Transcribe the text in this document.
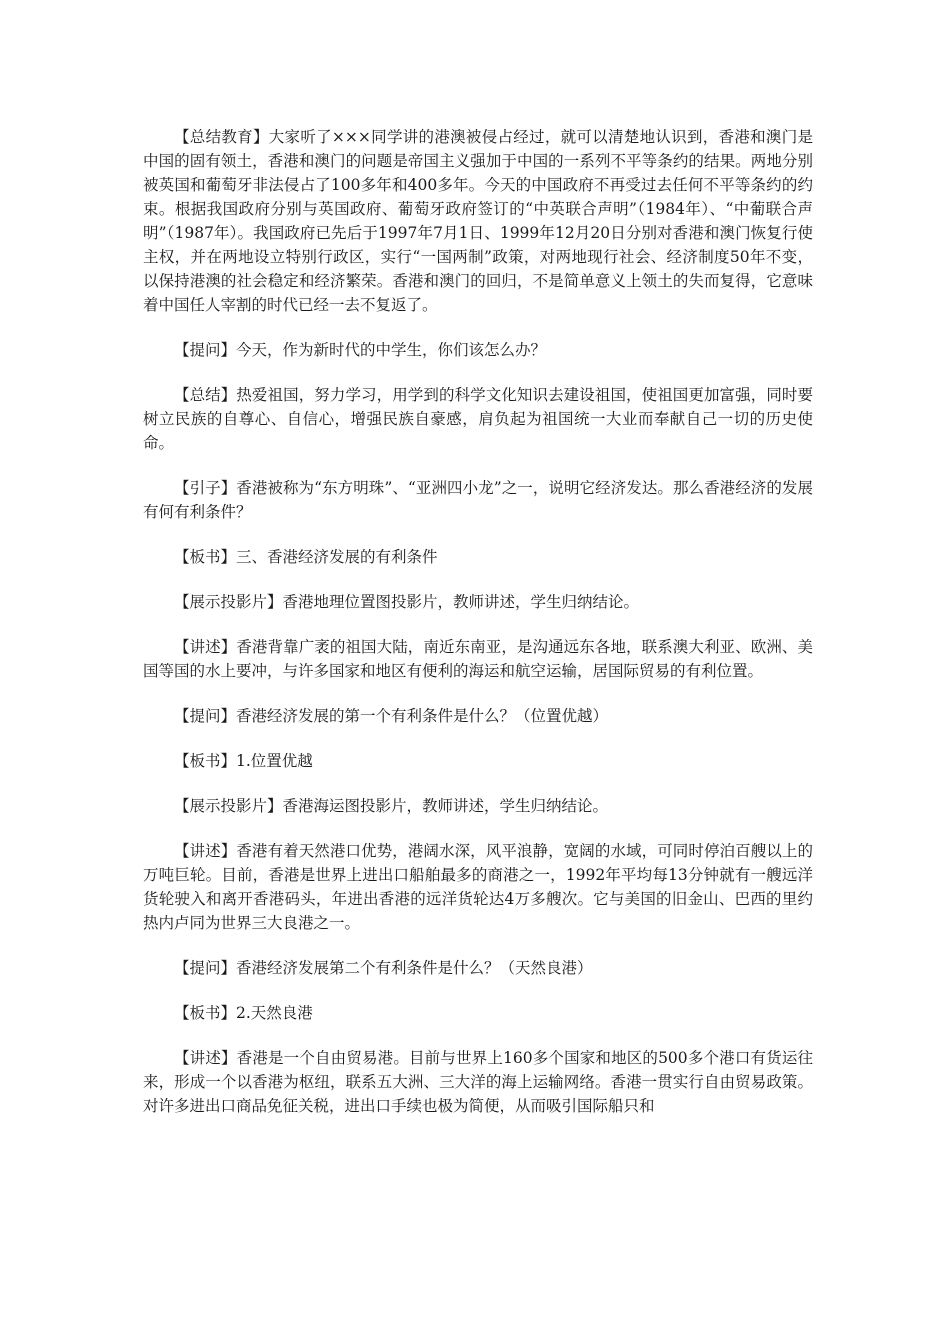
【总结教育】大家听了×××同学讲的港澳被侵占经过，就可以清楚地认识到，香港和澳门是中国的固有领土，香港和澳门的问题是帝国主义强加于中国的一系列不平等条约的结果。两地分别被英国和葡萄牙非法侵占了100多年和400多年。今天的中国政府不再受过去任何不平等条约的约束。根据我国政府分别与英国政府、葡萄牙政府签订的“中英联合声明”（1984年）、“中葡联合声明”（1987年）。我国政府已先后于1997年7月1日、1999年12月20日分别对香港和澳门恢复行使主权，并在两地设立特别行政区，实行“一国两制”政策，对两地现行社会、经济制度50年不变，以保持港澳的社会稳定和经济繁荣。香港和澳门的回归，不是简单意义上领土的失而复得，它意味着中国任人宰割的时代已经一去不复返了。

【提问】今天，作为新时代的中学生，你们该怎么办？

【总结】热爱祖国，努力学习，用学到的科学文化知识去建设祖国，使祖国更加富强，同时要树立民族的自尊心、自信心，增强民族自豪感，肩负起为祖国统一大业而奉献自己一切的历史使命。

【引子】香港被称为“东方明珠”、“亚洲四小龙”之一，说明它经济发达。那么香港经济的发展有何有利条件？

【板书】三、香港经济发展的有利条件

【展示投影片】香港地理位置图投影片，教师讲述，学生归纳结论。

【讲述】香港背靠广袤的祖国大陆，南近东南亚，是沟通远东各地，联系澳大利亚、欧洲、美国等国的水上要冲，与许多国家和地区有便利的海运和航空运输，居国际贸易的有利位置。

【提问】香港经济发展的第一个有利条件是什么？（位置优越）

【板书】1.位置优越

【展示投影片】香港海运图投影片，教师讲述，学生归纳结论。

【讲述】香港有着天然港口优势，港阔水深，风平浪静，宽阔的水域，可同时停泊百艘以上的万吨巨轮。目前，香港是世界上进出口船舶最多的商港之一，1992年平均每13分钟就有一艘远洋货轮驶入和离开香港码头，年进出香港的远洋货轮达4万多艘次。它与美国的旧金山、巴西的里约热内卢同为世界三大良港之一。

【提问】香港经济发展第二个有利条件是什么？（天然良港）

【板书】2.天然良港

【讲述】香港是一个自由贸易港。目前与世界上160多个国家和地区的500多个港口有货运往来，形成一个以香港为枢纽，联系五大洲、三大洋的海上运输网络。香港一贯实行自由贸易政策。对许多进出口商品免征关税，进出口手续也极为简便，从而吸引国际船只和
